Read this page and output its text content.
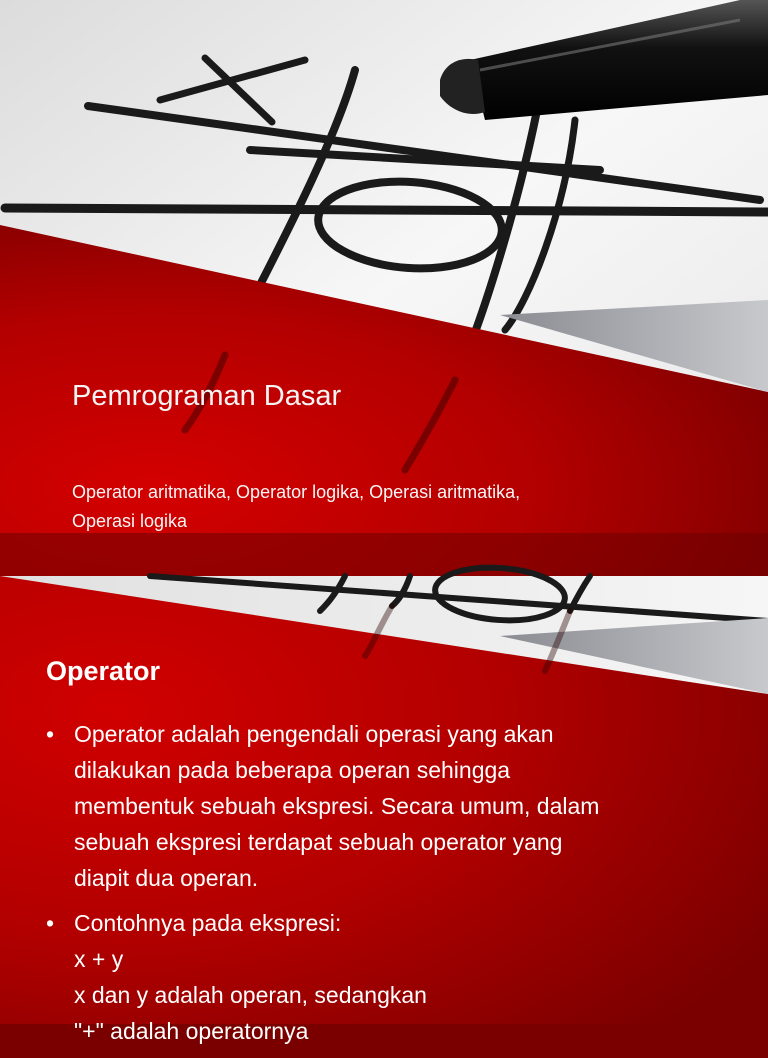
Pemrograman Dasar

Operator aritmatika, Operator logika, Operasi aritmatika,
Operasi logika

Operator
• Operator adalah pengendali operasi yang akan
dilakukan pada beberapa operan sehingga
membentuk sebuah ekspresi. Secara umum, dalam
sebuah ekspresi terdapat sebuah operator yang
diapit dua operan.
• Contohnya pada ekspresi:
x + y
x dan y adalah operan, sedangkan
"+" adalah operatornya
